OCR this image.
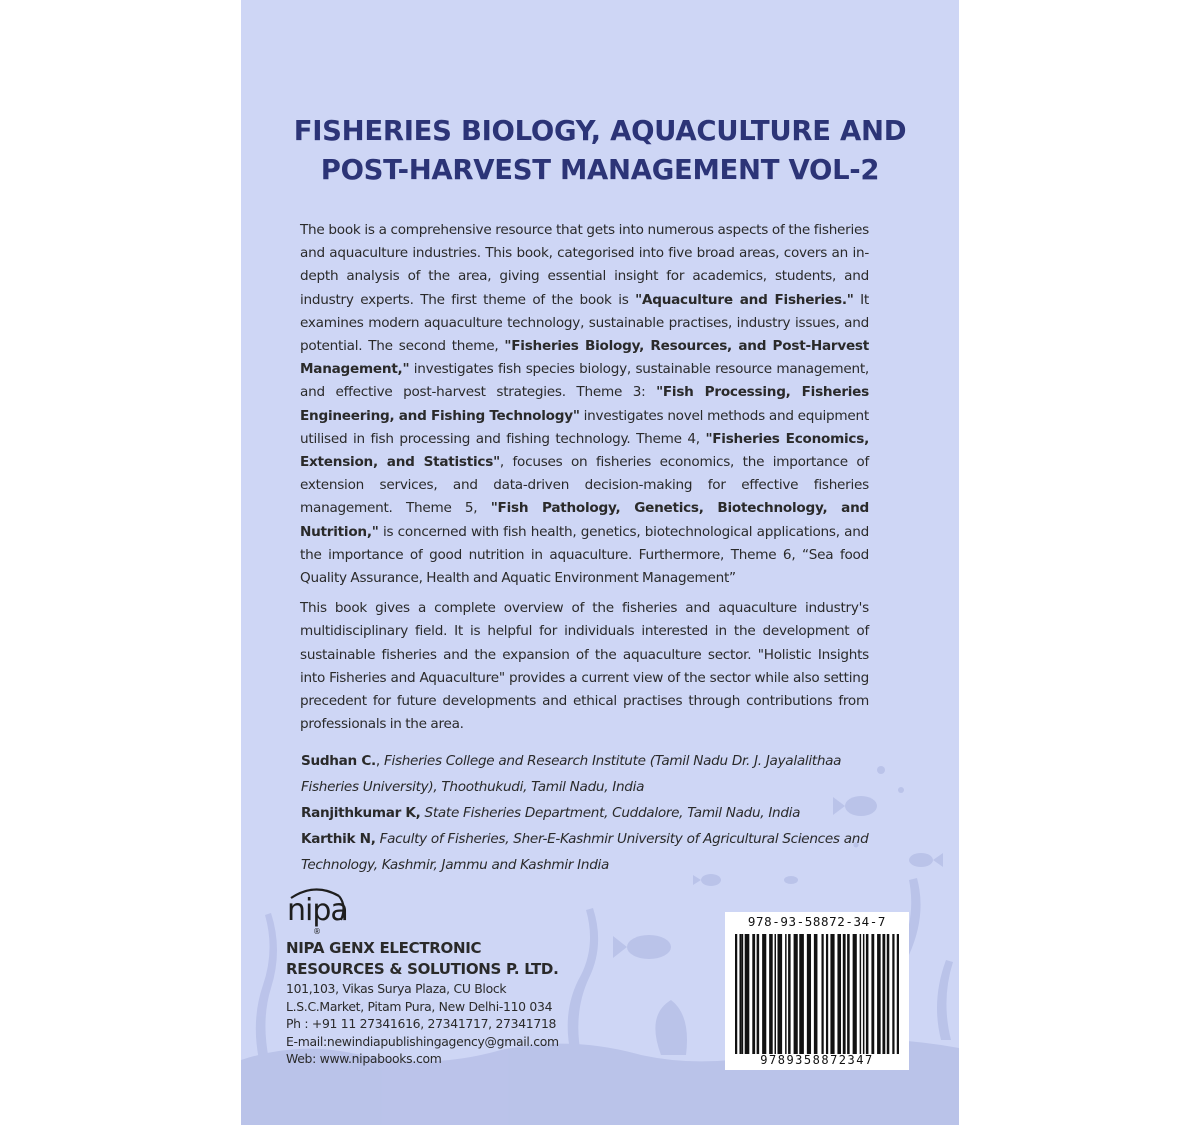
FISHERIES BIOLOGY, AQUACULTURE AND
POST-HARVEST MANAGEMENT VOL-2

The book is a comprehensive resource that gets into numerous aspects of the fisheries and aquaculture industries. This book, categorised into five broad areas, covers an in-depth analysis of the area, giving essential insight for academics, students, and industry experts. The first theme of the book is "Aquaculture and Fisheries." It examines modern aquaculture technology, sustainable practises, industry issues, and potential. The second theme, "Fisheries Biology, Resources, and Post-Harvest Management," investigates fish species biology, sustainable resource management, and effective post-harvest strategies. Theme 3: "Fish Processing, Fisheries Engineering, and Fishing Technology" investigates novel methods and equipment utilised in fish processing and fishing technology. Theme 4, "Fisheries Economics, Extension, and Statistics", focuses on fisheries economics, the importance of extension services, and data-driven decision-making for effective fisheries management. Theme 5, "Fish Pathology, Genetics, Biotechnology, and Nutrition," is concerned with fish health, genetics, biotechnological applications, and the importance of good nutrition in aquaculture. Furthermore, Theme 6, “Sea food Quality Assurance, Health and Aquatic Environment Management”

This book gives a complete overview of the fisheries and aquaculture industry's multidisciplinary field. It is helpful for individuals interested in the development of sustainable fisheries and the expansion of the aquaculture sector. "Holistic Insights into Fisheries and Aquaculture" provides a current view of the sector while also setting precedent for future developments and ethical practises through contributions from professionals in the area.

Sudhan C., Fisheries College and Research Institute (Tamil Nadu Dr. J. Jayalalithaa Fisheries University), Thoothukudi, Tamil Nadu, India

Ranjithkumar K, State Fisheries Department, Cuddalore, Tamil Nadu, India

Karthik N, Faculty of Fisheries, Sher-E-Kashmir University of Agricultural Sciences and Technology, Kashmir, Jammu and Kashmir India

nipa
®
NIPA GENX ELECTRONIC
RESOURCES & SOLUTIONS P. LTD.
101,103, Vikas Surya Plaza, CU Block
L.S.C.Market, Pitam Pura, New Delhi-110 034
Ph : +91 11 27341616, 27341717, 27341718
E-mail:newindiapublishingagency@gmail.com
Web: www.nipabooks.com
978-93-58872-34-7
9789358872347
